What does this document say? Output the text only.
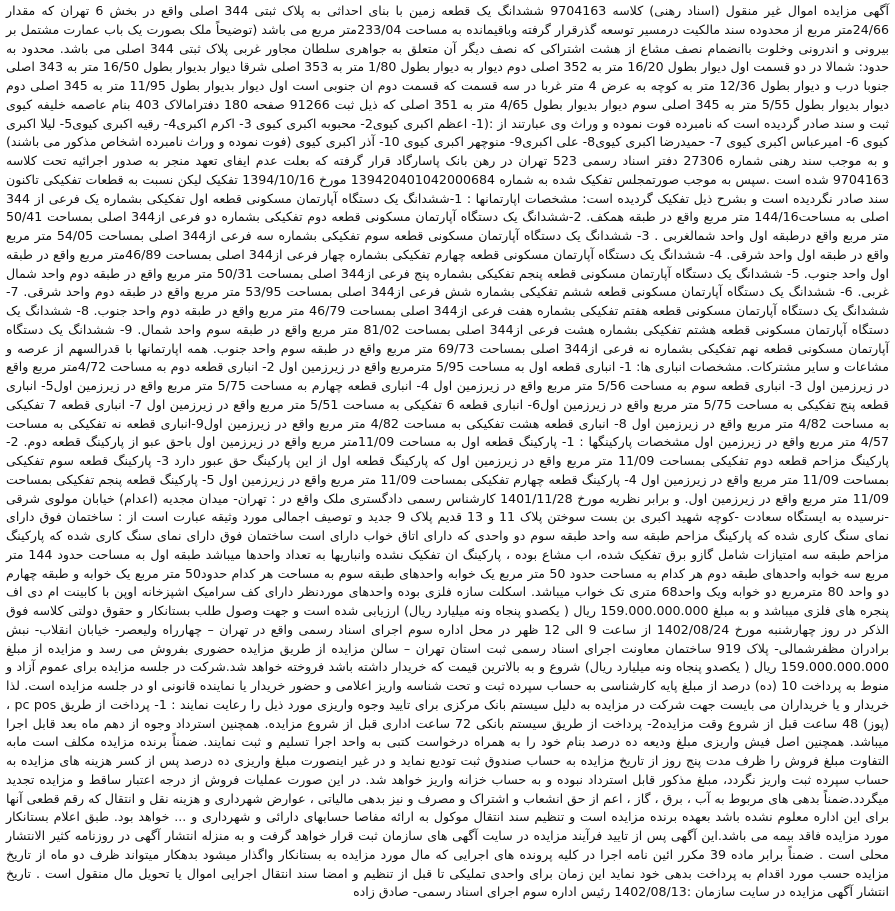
آگهی مزایده اموال غیر منقول (اسناد رهنی) کلاسه 9704163 ششدانگ یک قطعه زمین با بنای احداثی به پلاک ثبتی 344 اصلی واقع در بخش 6 تهران که مقدار 24/66متر مربع از محدوده سند مالکیت درمسیر توسعه گذرقرار گرفته وباقیمانده به مساحت 233/04متر مربع می باشد (توضیحاً ملک بصورت یک باب عمارت مشتمل بر بیرونی و اندرونی وخلوت باانضمام نصف مشاع از هشت اشتراکی که نصف دیگر آن متعلق به جواهری سلطان مجاور غربی پلاک ثبتی 344 اصلی می باشد. محدود به حدود: شمالا در دو قسمت اول دیوار بطول 16/20 متر به 352 اصلی دوم دیوار به دیوار بطول 1/80 متر به 353 اصلی شرقا دیوار بدیوار بطول 16/50 متر به 343 اصلی جنوبا درب و دیوار بطول 12/36 متر به کوچه به عرض 4 متر غربا در سه قسمت که قسمت دوم ان جنوبی است اول دیوار بدیوار بطول 11/95 متر به 345 اصلی دوم دیوار بدیوار بطول 5/55 متر به 345 اصلی سوم دیوار بدیوار بطول 4/65 متر به 351 اصلی که ذیل ثبت 91266 صفحه 180 دفترامالاک 403 بنام عاصمه خلیفه کیوی ثبت و سند صادر گردیده است که نامبرده فوت نموده و وراث وی عبارتند از :(1- اعظم اکبری کیوی2- محبوبه اکبری کیوی 3- اکرم اکبری4- رقیه اکبری کیوی5- لیلا اکبری کیوی 6- امیرعباس اکبری کیوی 7- حمیدرضا اکبری کیوی8- علی اکبری9- منوچهر اکبری کیوی 10- آذر اکبری کیوی (فوت نموده و وراث نامبرده اشخاص مذکور می باشند) و به موجب سند رهنی شماره 27306 دفتر اسناد رسمی 523 تهران در رهن بانک پاسارگاد قرار گرفته که بعلت عدم ایفای تعهد منجر به صدور اجرائیه تحت کلاسه 9704163 شده است .سپس به موجب صورتمجلس تفکیک شده به شماره 139420401042000684 مورخ 1394/10/16 تفکیک لیکن نسبت به قطعات تفکیکی تاکنون سند صادر نگردیده است و بشرح ذیل تفکیک گردیده است: مشخصات اپارتمانها : 1-ششدانگ یک دستگاه آپارتمان مسکونی قطعه اول تفکیکی بشماره یک فرعی از 344 اصلی به مساحت144/16 متر مربع واقع در طبقه همکف. 2-ششدانگ یک دستگاه آپارتمان مسکونی قطعه دوم تفکیکی بشماره دو فرعی از344 اصلی بمساحت 50/41 متر مربع واقع درطبقه اول واحد شمالغربی . 3- ششدانگ یک دستگاه آپارتمان مسکونی قطعه سوم تفکیکی بشماره سه فرعی از344 اصلی بمساحت 54/05 متر مربع واقع در طبقه اول واحد شرقی. 4- ششدانگ یک دستگاه آپارتمان مسکونی قطعه چهارم تفکیکی بشماره چهار فرعی از344 اصلی بمساحت 46/89متر مربع واقع در طبقه اول واحد جنوب. 5- ششدانگ یک دستگاه آپارتمان مسکونی قطعه پنجم تفکیکی بشماره پنج فرعی از344 اصلی بمساحت 50/31 متر مربع واقع در طبقه دوم واحد شمال غربی. 6- ششدانگ یک دستگاه آپارتمان مسکونی قطعه ششم تفکیکی بشماره شش فرعی از344 اصلی بمساحت 53/95 متر مربع واقع در طبقه دوم واحد شرقی. 7- ششدانگ یک دستگاه آپارتمان مسکونی قطعه هفتم تفکیکی بشماره هفت فرعی از344 اصلی بمساحت 46/79 متر مربع واقع در طبقه دوم واحد جنوب. 8- ششدانگ یک دستگاه آپارتمان مسکونی قطعه هشتم تفکیکی بشماره هشت فرعی از344 اصلی بمساحت 81/02 متر مربع واقع در طبقه سوم واحد شمال. 9- ششدانگ یک دستگاه آپارتمان مسکونی قطعه نهم تفکیکی بشماره نه فرعی از344 اصلی بمساحت 69/73 متر مربع واقع در طبقه سوم واحد جنوب. همه اپارتمانها با قدرالسهم از عرصه و مشاعات و سایر مشترکات. مشخصات انباری ها: 1- انباری قطعه اول به مساحت 5/95 مترمربع واقع در زیرزمین اول 2- انباری قطعه دوم به مساحت 4/72متر مربع واقع در زیرزمین اول 3- انباری قطعه سوم به مساحت 5/56 متر مربع واقع در زیرزمین اول 4- انباری قطعه چهارم به مساحت 5/75 متر مربع واقع در زیرزمین اول5- انباری قطعه پنج تفکیکی به مساحت 5/75 متر مربع واقع در زیرزمین اول6- انباری قطعه 6 تفکیکی به مساحت 5/51 متر مربع واقع در زیرزمین اول 7- انباری قطعه 7 تفکیکی به مساحت 4/82 متر مربع واقع در زیرزمین اول 8- انباری قطعه هشت تفکیکی به مساحت 4/82 متر مربع واقع در زیرزمین اول9-انباری قطعه نه تفکیکی به مساحت 4/57 متر مربع واقع در زیرزمین اول مشخصات پارکینگها : 1- پارکینگ قطعه اول به مساحت 11/09متر مربع واقع در زیرزمین اول باحق عبو از پارکینگ قطعه دوم. 2- پارکینگ مزاحم قطعه دوم تفکیکی بمساحت 11/09 متر مربع واقع در زیرزمین اول که پارکینگ قطعه اول از این پارکینگ حق عبور دارد 3- پارکینگ قطعه سوم تفکیکی بمساحت 11/09 متر مربع واقع در زیرزمین اول 4- پارکینگ قطعه چهارم تفکیکی بمساحت 11/09 متر مربع واقع در زیرزمین اول 5- پارکینگ قطعه پنجم تفکیکی بمساحت 11/09 متر مربع واقع در زیرزمین اول. و برابر نظریه مورخ 1401/11/28 کارشناس رسمی دادگستری ملک واقع در : تهران- میدان مجدیه (اعدام) خیابان مولوی شرقی -نرسیده به ایستگاه سعادت -کوچه شهید اکبری بن بست سوختن پلاک 11 و 13 قدیم پلاک 9 جدید و توصیف اجمالی مورد وثیقه عبارت است از : ساختمان فوق دارای نمای سنگ کاری شده که پارکینگ مزاحم طبقه سه واحد طبقه سوم دو واحدی که دارای اتاق خواب دارای است ساختمان فوق دارای نمای سنگ کاری شده که پارکینگ مزاحم طبقه سه امتیازات شامل گازو برق تفکیک شده، اب مشاع بوده ، پارکینگ ان تفکیک نشده وانباریها به تعداد واحدها میباشد طبقه اول به مساحت حدود 144 متر مربع سه خوابه واحدهای طبقه دوم هر کدام به مساحت حدود 50 متر مربع یک خوابه واحدهای طبقه سوم به مساحت هر کدام حدود50 متر مربع یک خوابه و طبقه چهارم دو واحد 80 مترمربع دو خوابه ویک واحد68 متری تک خواب میباشد. اسکلت سازه فلزی بوده واحدهای موردنظر دارای کف سرامیک اشپزخانه اوپن با کابینت ام دی اف پنجره های فلزی میباشد و به مبلغ 159.000.000.000 ریال ( یکصدو پنجاه ونه میلیارد ریال) ارزیابی شده است و جهت وصول طلب بستانکار و حقوق دولتی کلاسه فوق الذکر در روز چهارشنبه مورخ 1402/08/24 از ساعت 9 الی 12 ظهر در محل اداره سوم اجرای اسناد رسمی واقع در تهران – چهارراه ولیعصر- خیابان انقلاب- نبش برادران مظفرشمالی- پلاک 919 ساختمان معاونت اجرای اسناد رسمی ثبت استان تهران – سالن مزایده از طریق مزایده حضوری بفروش می رسد و مزایده از مبلغ 159.000.000.000 ریال ( یکصدو پنجاه ونه میلیارد ریال) شروع و به بالاترین قیمت که خریدار داشته باشد فروخته خواهد شد.شرکت در جلسه مزایده برای عموم آزاد و منوط به پرداخت 10 (ده) درصد از مبلغ پایه کارشناسی به حساب سپرده ثبت و تحت شناسه واریز اعلامی و حضور خریدار یا نماینده قانونی او در جلسه مزایده است. لذا خریدار و یا خریداران می بایست جهت شرکت در مزایده به دلیل سیستم بانک مرکزی برای تایید وجوه واریزی مورد ذیل را رعایت نمایند : 1- پرداخت از طریق pc pos ، (پوز) 48 ساعت قبل از شروع وقت مزایده2- پرداخت از طریق سیستم بانکی 72 ساعت اداری قبل از شروع مزایده. همچنین استرداد وجوه از دهم ماه بعد قابل اجرا میباشد. همچنین اصل فیش واریزی مبلغ ودیعه ده درصد بنام خود را به همراه درخواست کتبی به واحد اجرا تسلیم و ثبت نمایند. ضمناً برنده مزایده مکلف است مابه التفاوت مبلغ فروش را ظرف مدت پنج روز از تاریخ مزایده به حساب صندوق ثبت تودیع نماید و در غیر اینصورت مبلغ واریزی ده درصد پس از کسر هزینه های مزایده به حساب سپرده ثبت واریز نگردد، مبلغ مذکور قابل استرداد نبوده و به حساب خزانه واریز خواهد شد. در این صورت عملیات فروش از درجه اعتبار ساقط و مزایده تجدید میگردد.ضمناً بدهی های مربوط به آب ، برق ، گاز ، اعم از حق انشعاب و اشتراک و مصرف و نیز بدهی مالیاتی ، عوارض شهرداری و هزینه نقل و انتقال که رقم قطعی آنها برای این اداره معلوم نشده باشد بعهده برنده مزایده است و تنظیم سند انتقال موکول به ارائه مفاصا حسابهای دارائی و شهرداری و ... خواهد بود. طبق اعلام بستانکار مورد مزایده فاقد بیمه می باشد.این آگهی پس از تایید فرآیند مزایده در سایت آگهی های سازمان ثبت قرار خواهد گرفت و به منزله انتشار آگهی در روزنامه کثیر الانتشار محلی است . ضمناً برابر ماده 39 مکرر ائین نامه اجرا در کلیه پرونده های اجرایی که مال مورد مزایده به بستانکار واگذار میشود بدهکار میتواند ظرف دو ماه از تاریخ مزایده حسب مورد اقدام به پرداخت بدهی خود نماید این زمان برای واحدی تملیکی تا قبل از تنظیم و امضا سند انتقال اجرایی اموال یا تحویل مال منقول است . تاریخ انتشار آگهی مزایده در سایت سازمان :1402/08/13 رئیس اداره سوم اجرای اسناد رسمی- صادق زاده
